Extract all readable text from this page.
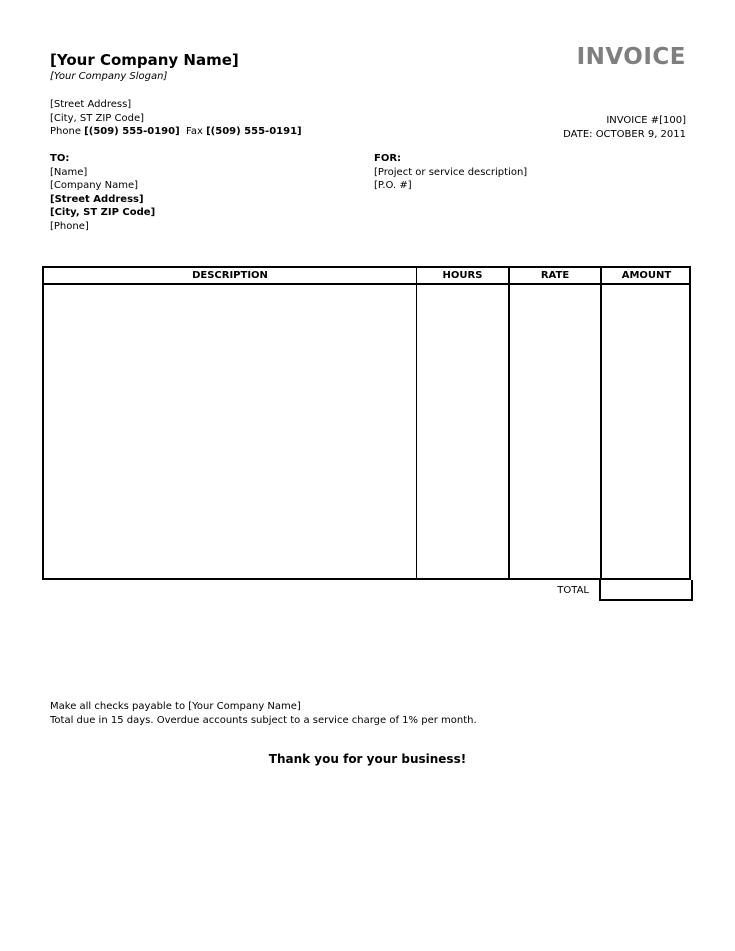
[Your Company Name]
[Your Company Slogan]
INVOICE
[Street Address]
[City, ST ZIP Code]
Phone [(509) 555-0190] Fax [(509) 555-0191]
INVOICE #[100]
DATE: OCTOBER 9, 2011
TO:
[Name]
[Company Name]
[Street Address]
[City, ST ZIP Code]
[Phone]
FOR:
[Project or service description]
[P.O. #]
DESCRIPTION	HOURS	RATE	AMOUNT
TOTAL
Make all checks payable to [Your Company Name]
Total due in 15 days. Overdue accounts subject to a service charge of 1% per month.
Thank you for your business!
